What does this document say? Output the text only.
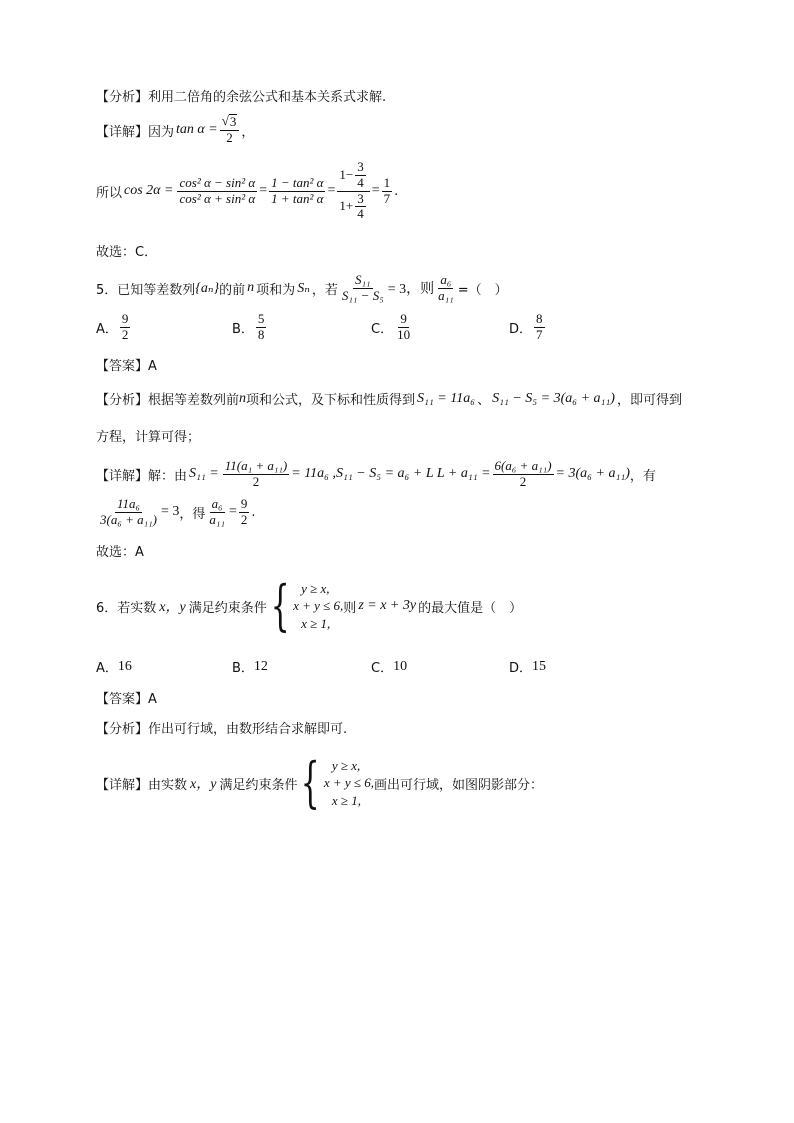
【分析】 利用二倍角的余弦公式和基本关系式求解.
【详解】 因为 $\tan \alpha = \frac{√ 3}{2}$ ，
所以 $\cos 2\alpha = \frac{\text{cos² α − sin² α}}{\text{cos² α + sin² α}} = \frac{\text{1 − tan² α}}{\text{1 + tan² α}} = \frac{1- \frac{3}{4}}{1+ \frac{3}{4}} = \frac{1}{7}$ .
故选：C．
5．已知等差数列 {aₙ} 的前 n 项和为 Sₙ ，若 $\frac{\text{S₁₁}}{\text{S₁₁ − S₅}} = 3$，则 $\frac{\text{a₆}}{\text{a₁₁}}$ =（　）
A． $\frac{9}{2}$	B． $\frac{5}{8}$	C． $\frac{9}{10}$	D． $\frac{8}{7}$
【答案】A
【分析】 根据等差数列前 n 项和公式，及下标和性质得到 S₁₁ = 11a₆ 、 S₁₁ − S₅ = 3(a₆ + a₁₁) ，即可得到
方程，计算可得；
【详解】 解：由 $S_{11} = \frac{\text{11(a₁ + a₁₁)}}{2} = 11a_6$ ,S₁₁ − S₅ = a₆ + L $L + a_{11} = \frac{\text{6(a₆ + a₁₁)}}{2} = 3(a_6 + a_{11})$ ，有
$\frac{\text{11a₆}}{\text{3(a₆ + a₁₁)}} = 3$ ，得 $\frac{\text{a₆}}{\text{a₁₁}} = \frac{9}{2}$ .
故选：A
6．若实数 x，y 满足约束条件 { y ≥ x,
x + y ≤ 6,
x ≥ 1,
则 z = x + 3y 的最大值是（　）
A． 16	B． 12	C． 10	D． 15
【答案】A
【分析】 作出可行域，由数形结合求解即可.
【详解】 由实数 x，y 满足约束条件 { y ≥ x,
x + y ≤ 6,
x ≥ 1,
画出可行域，如图阴影部分：
